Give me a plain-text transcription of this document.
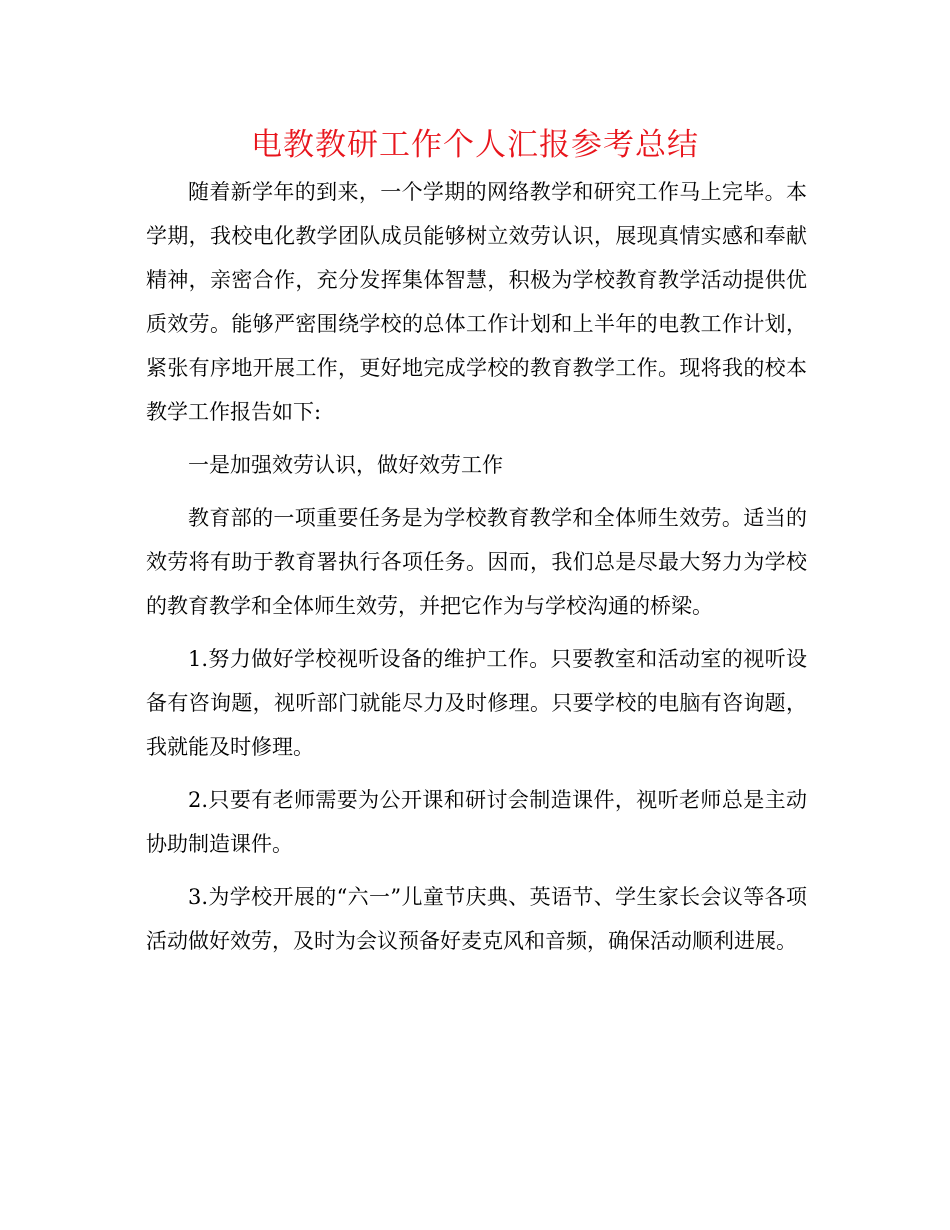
电教教研工作个人汇报参考总结

随着新学年的到来，一个学期的网络教学和研究工作马上完毕。本学期，我校电化教学团队成员能够树立效劳认识，展现真情实感和奉献精神，亲密合作，充分发挥集体智慧，积极为学校教育教学活动提供优质效劳。能够严密围绕学校的总体工作计划和上半年的电教工作计划，紧张有序地开展工作，更好地完成学校的教育教学工作。现将我的校本教学工作报告如下:

一是加强效劳认识，做好效劳工作

教育部的一项重要任务是为学校教育教学和全体师生效劳。适当的效劳将有助于教育署执行各项任务。因而，我们总是尽最大努力为学校的教育教学和全体师生效劳，并把它作为与学校沟通的桥梁。

1.努力做好学校视听设备的维护工作。只要教室和活动室的视听设备有咨询题，视听部门就能尽力及时修理。只要学校的电脑有咨询题，我就能及时修理。

2.只要有老师需要为公开课和研讨会制造课件，视听老师总是主动协助制造课件。

3.为学校开展的“六一”儿童节庆典、英语节、学生家长会议等各项活动做好效劳，及时为会议预备好麦克风和音频，确保活动顺利进展。
